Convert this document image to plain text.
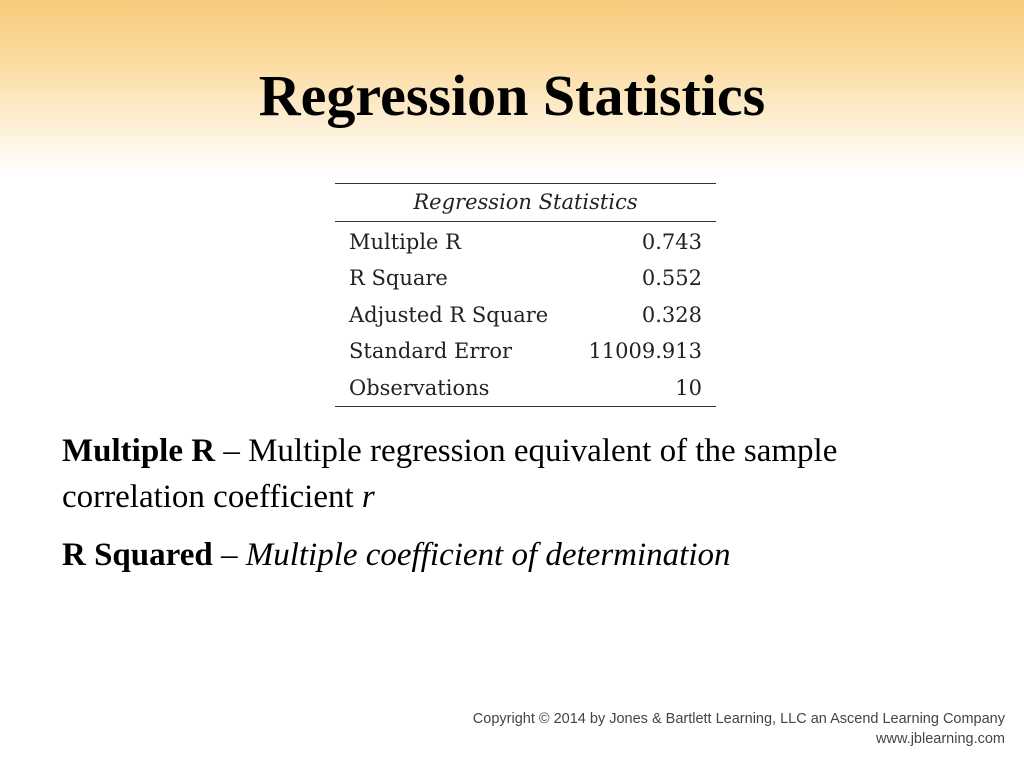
Regression Statistics
Regression Statistics
Multiple R	0.743
R Square	0.552
Adjusted R Square	0.328
Standard Error	11009.913
Observations	10

Multiple R – Multiple regression equivalent of the sample correlation coefficient r

R Squared – Multiple coefficient of determination

Copyright © 2014 by Jones & Bartlett Learning, LLC an Ascend Learning Company
www.jblearning.com
